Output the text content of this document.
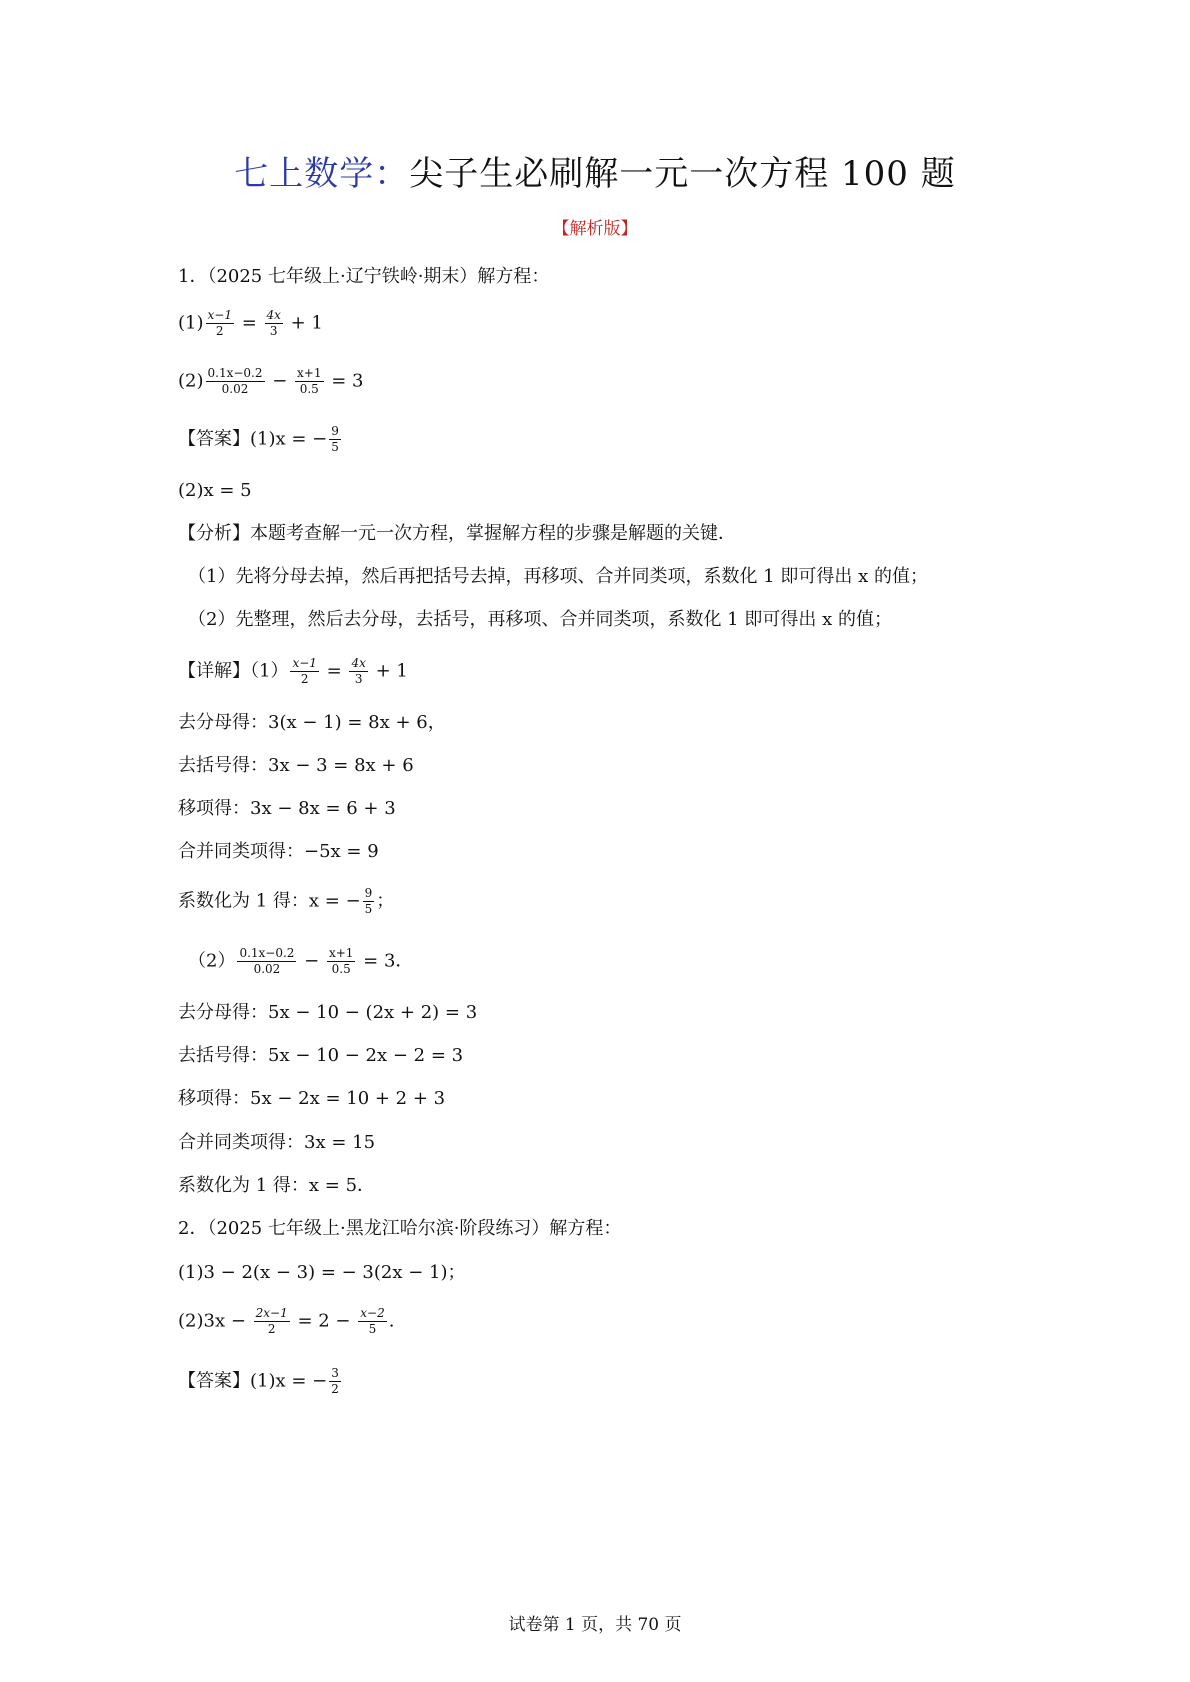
七上数学：尖子生必刷解一元一次方程 100 题
【解析版】
1．（2025 七年级上·辽宁铁岭·期末）解方程：
$(1) \frac{x-1}{2} = \frac{4x}{3} + 1$
$(2) \frac{0.1x-0.2}{0.02} - \frac{x+1}{0.5} = 3$
【答案】(1)x = − $\frac{9}{5}$
(2)x = 5
【分析】本题考查解一元一次方程，掌握解方程的步骤是解题的关键．
（1）先将分母去掉，然后再把括号去掉，再移项、合并同类项，系数化 1 即可得出 x 的值；
（2）先整理，然后去分母，去括号，再移项、合并同类项，系数化 1 即可得出 x 的值；
【详解】$(1) \frac{x-1}{2} = \frac{4x}{3} + 1$
去分母得：3(x − 1) = 8x + 6，
去括号得：3x − 3 = 8x + 6
移项得：3x − 8x = 6 + 3
合并同类项得：−5x = 9
系数化为 1 得：x = − $\frac{9}{5}$ ；
$(2) \frac{0.1x-0.2}{0.02} - \frac{x+1}{0.5} = 3$．
去分母得：5x − 10 − (2x + 2) = 3
去括号得：5x − 10 − 2x − 2 = 3
移项得：5x − 2x = 10 + 2 + 3
合并同类项得：3x = 15
系数化为 1 得：x = 5．
2．（2025 七年级上·黑龙江哈尔滨·阶段练习）解方程：
(1)3 − 2(x − 3) = − 3(2x − 1)；
$(2)3x - \frac{2x-1}{2} = 2 - \frac{x-2}{5}$ .
【答案】(1)x = − $\frac{3}{2}$
试卷第 1 页，共 70 页
